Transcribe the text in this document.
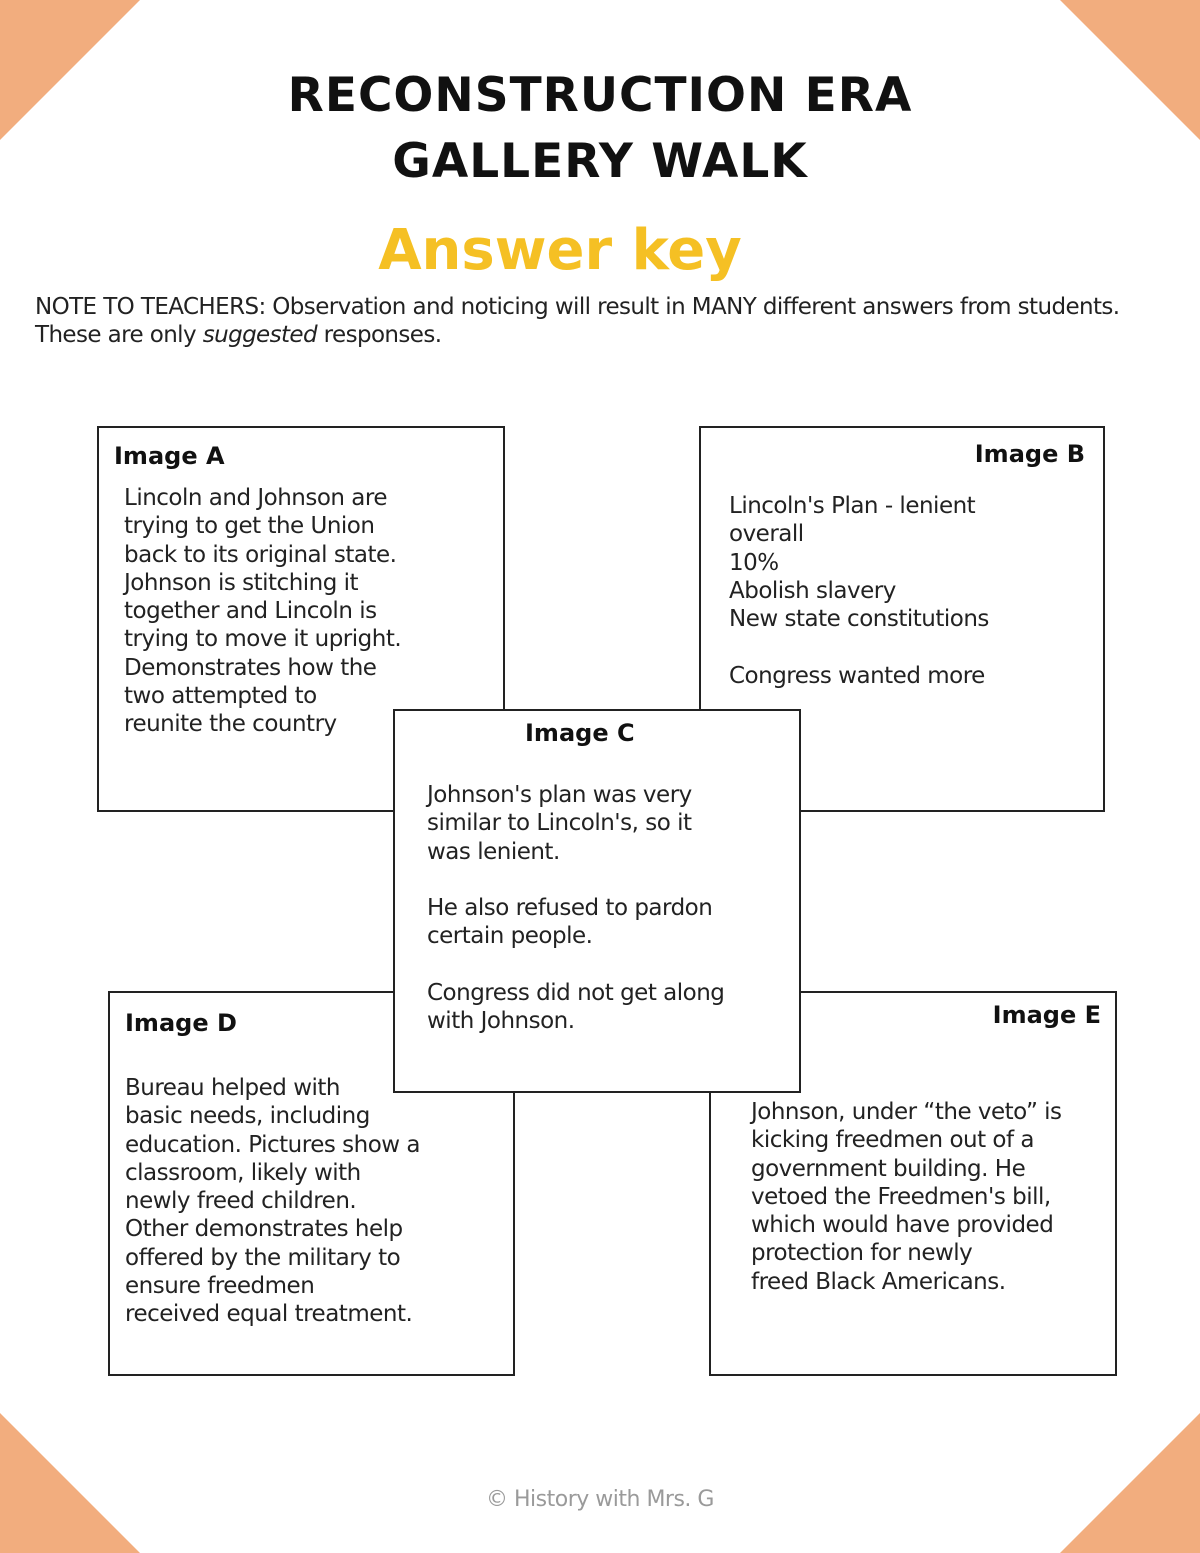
RECONSTRUCTION ERA
GALLERY WALK
Answer key
NOTE TO TEACHERS: Observation and noticing will result in MANY different answers from students. These are only suggested responses.
Image A

Lincoln and Johnson are
trying to get the Union
back to its original state.
Johnson is stitching it
together and Lincoln is
trying to move it upright.
Demonstrates how the
two attempted to
reunite the country

Image B

Lincoln's Plan - lenient
overall
10%
Abolish slavery
New state constitutions

Congress wanted more

Image D

Bureau helped with
basic needs, including
education. Pictures show a
classroom, likely with
newly freed children.
Other demonstrates help
offered by the military to
ensure freedmen
received equal treatment.

Image E

Johnson, under “the veto” is
kicking freedmen out of a
government building. He
vetoed the Freedmen's bill,
which would have provided
protection for newly
freed Black Americans.

Image C

Johnson's plan was very
similar to Lincoln's, so it
was lenient.

He also refused to pardon
certain people.

Congress did not get along
with Johnson.

© History with Mrs. G
